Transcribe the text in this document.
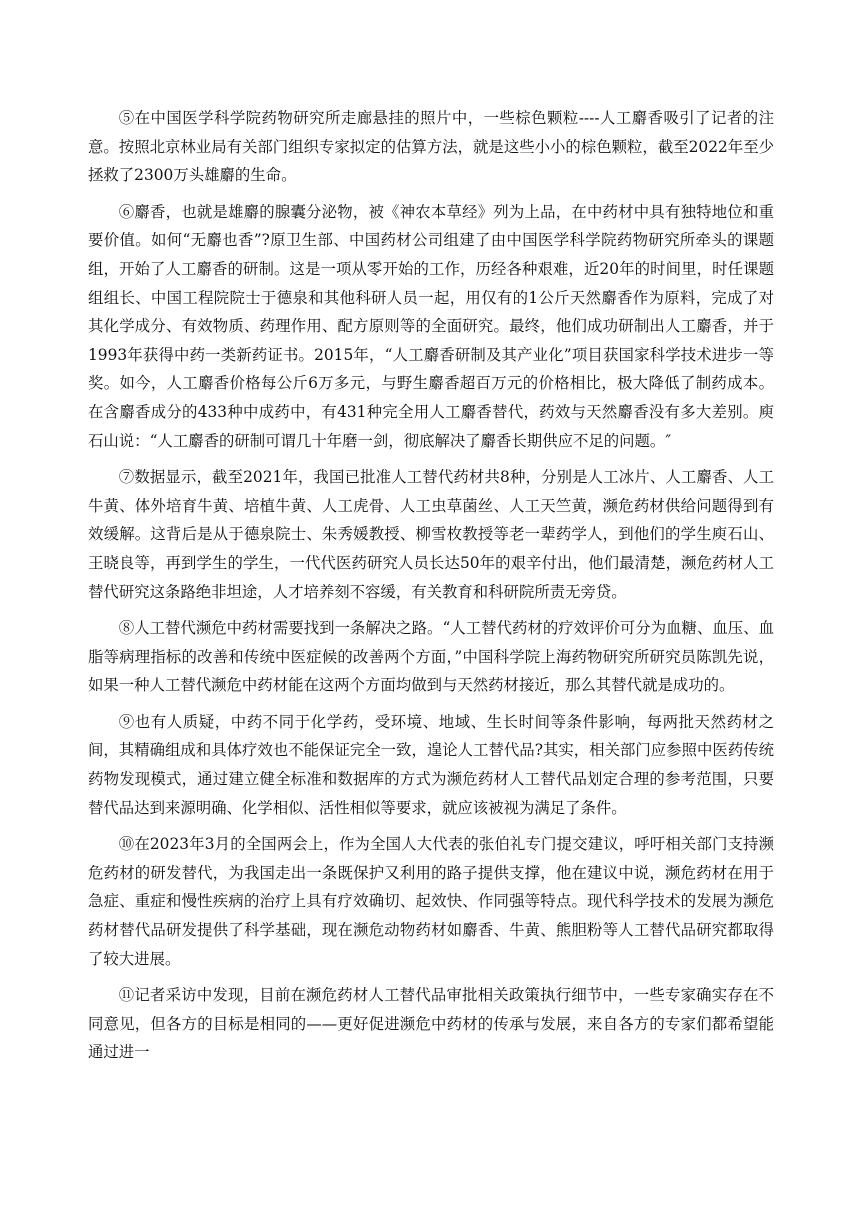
⑤在中国医学科学院药物研究所走廊悬挂的照片中，一些棕色颗粒----人工麝香吸引了记者的注意。按照北京林业局有关部门组织专家拟定的估算方法，就是这些小小的棕色颗粒，截至2022年至少拯救了2300万头雄麝的生命。

⑥麝香，也就是雄麝的腺囊分泌物，被《神农本草经》列为上品，在中药材中具有独特地位和重要价值。如何“无麝也香”?原卫生部、中国药材公司组建了由中国医学科学院药物研究所牵头的课题组，开始了人工麝香的研制。这是一项从零开始的工作，历经各种艰难，近20年的时间里，时任课题组组长、中国工程院院士于德泉和其他科研人员一起，用仅有的1公斤天然麝香作为原料，完成了对其化学成分、有效物质、药理作用、配方原则等的全面研究。最终，他们成功研制出人工麝香，并于1993年获得中药一类新药证书。2015年，“人工麝香研制及其产业化”项目获国家科学技术进步一等奖。如今，人工麝香价格每公斤6万多元，与野生麝香超百万元的价格相比，极大降低了制药成本。在含麝香成分的433种中成药中，有431种完全用人工麝香替代，药效与天然麝香没有多大差别。庾石山说：“人工麝香的研制可谓几十年磨一剑，彻底解决了麝香长期供应不足的问题。″

⑦数据显示，截至2021年，我国已批准人工替代药材共8种，分别是人工冰片、人工麝香、人工牛黄、体外培育牛黄、培植牛黄、人工虎骨、人工虫草菌丝、人工天竺黄，濒危药材供给问题得到有效缓解。这背后是从于德泉院士、朱秀媛教授、柳雪枚教授等老一辈药学人，到他们的学生庾石山、王晓良等，再到学生的学生，一代代医药研究人员长达50年的艰辛付出，他们最清楚，濒危药材人工替代研究这条路绝非坦途，人才培养刻不容缓，有关教育和科研院所责无旁贷。

⑧人工替代濒危中药材需要找到一条解决之路。“人工替代药材的疗效评价可分为血糖、血压、血脂等病理指标的改善和传统中医症候的改善两个方面，”中国科学院上海药物研究所研究员陈凯先说，如果一种人工替代濒危中药材能在这两个方面均做到与天然药材接近，那么其替代就是成功的。

⑨也有人质疑，中药不同于化学药，受环境、地域、生长时间等条件影响，每两批天然药材之间，其精确组成和具体疗效也不能保证完全一致，遑论人工替代品?其实，相关部门应参照中医药传统药物发现模式，通过建立健全标准和数据库的方式为濒危药材人工替代品划定合理的参考范围，只要替代品达到来源明确、化学相似、活性相似等要求，就应该被视为满足了条件。

⑩在2023年3月的全国两会上，作为全国人大代表的张伯礼专门提交建议，呼吁相关部门支持濒危药材的研发替代，为我国走出一条既保护又利用的路子提供支撑，他在建议中说，濒危药材在用于急症、重症和慢性疾病的治疗上具有疗效确切、起效快、作同强等特点。现代科学技术的发展为濒危药材替代品研发提供了科学基础，现在濒危动物药材如麝香、牛黄、熊胆粉等人工替代品研究都取得了较大进展。

⑪记者采访中发现，目前在濒危药材人工替代品审批相关政策执行细节中，一些专家确实存在不同意见，但各方的目标是相同的——更好促进濒危中药材的传承与发展，来自各方的专家们都希望能通过进一
